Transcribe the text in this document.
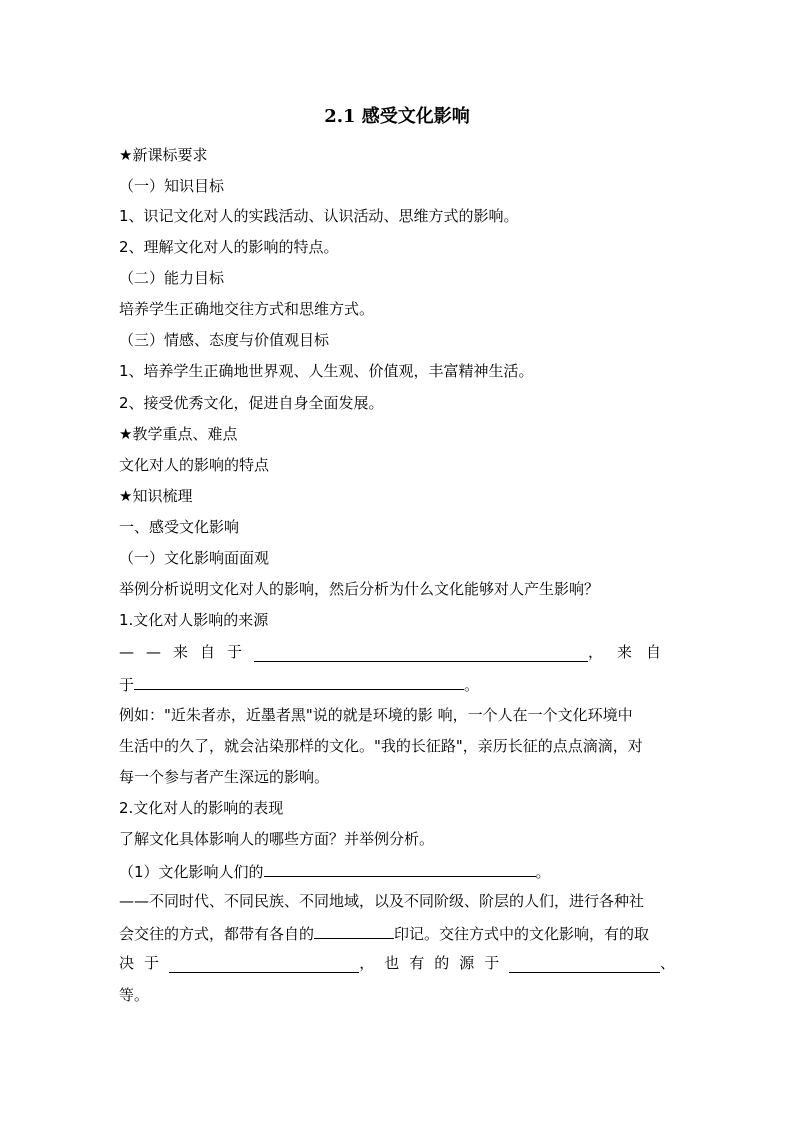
2.1 感受文化影响
★新课标要求
（一）知识目标
1、识记文化对人的实践活动、认识活动、思维方式的影响。
2、理解文化对人的影响的特点。
（二）能力目标
培养学生正确地交往方式和思维方式。
（三）情感、态度与价值观目标
1、培养学生正确地世界观、人生观、价值观，丰富精神生活。
2、接受优秀文化，促进自身全面发展。
★教学重点、难点
文化对人的影响的特点
★知识梳理
一、感受文化影响
（一）文化影响面面观
举例分析说明文化对人的影响，然后分析为什么文化能够对人产生影响？
1.文化对人影响的来源
——来自于	，来自
于	。
例如："近朱者赤，近墨者黑"说的就是环境的影 响，一个人在一个文化环境中
生活中的久了，就会沾染那样的文化。"我的长征路"，亲历长征的点点滴滴，对
每一个参与者产生深远的影响。
2.文化对人的影响的表现
了解文化具体影响人的哪些方面？并举例分析。
（1）文化影响人们的	。
——不同时代、不同民族、不同地域，以及不同阶级、阶层的人们，进行各种社
会交往的方式，都带有各自的	印记。交往方式中的文化影响，有的取
决于	，也有的源于	、
等。
